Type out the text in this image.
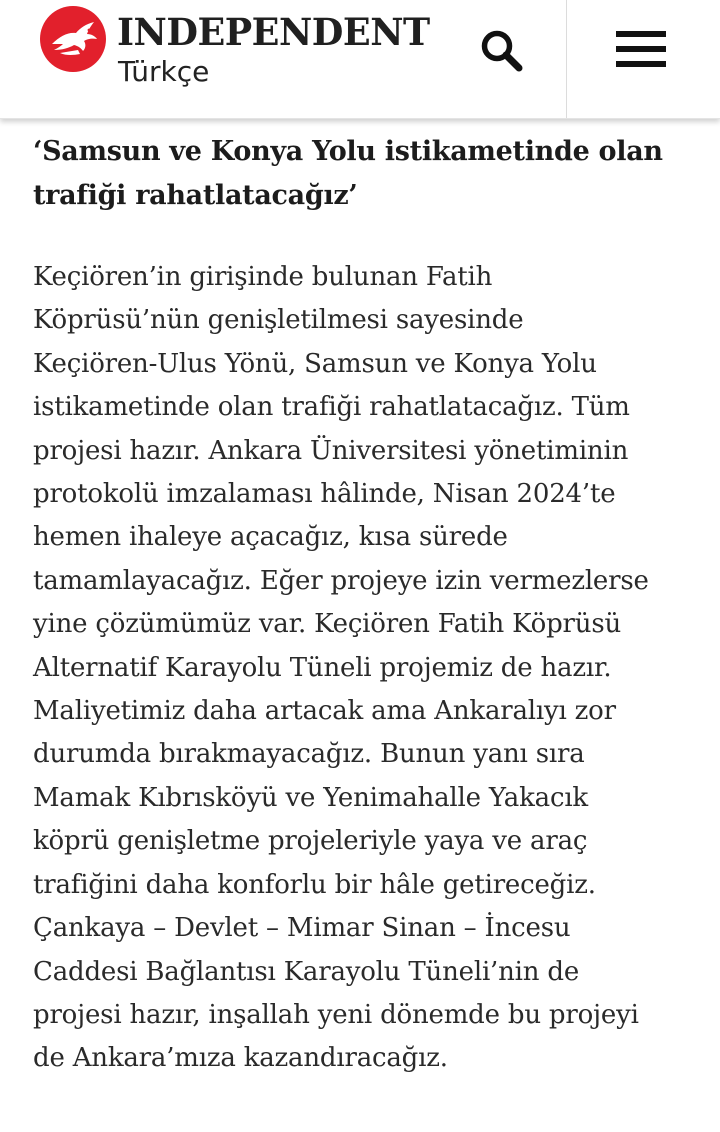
INDEPENDENT
Türkçe
‘Samsun ve Konya Yolu istikametinde olan
trafiği rahatlatacağız’

Keçiören’in girişinde bulunan Fatih
Köprüsü’nün genişletilmesi sayesinde
Keçiören-Ulus Yönü, Samsun ve Konya Yolu
istikametinde olan trafiği rahatlatacağız. Tüm
projesi hazır. Ankara Üniversitesi yönetiminin
protokolü imzalaması hâlinde, Nisan 2024’te
hemen ihaleye açacağız, kısa sürede
tamamlayacağız. Eğer projeye izin vermezlerse
yine çözümümüz var. Keçiören Fatih Köprüsü
Alternatif Karayolu Tüneli projemiz de hazır.
Maliyetimiz daha artacak ama Ankaralıyı zor
durumda bırakmayacağız. Bunun yanı sıra
Mamak Kıbrısköyü ve Yenimahalle Yakacık
köprü genişletme projeleriyle yaya ve araç
trafiğini daha konforlu bir hâle getireceğiz.
Çankaya – Devlet – Mimar Sinan – İncesu
Caddesi Bağlantısı Karayolu Tüneli’nin de
projesi hazır, inşallah yeni dönemde bu projeyi
de Ankara’mıza kazandıracağız.
